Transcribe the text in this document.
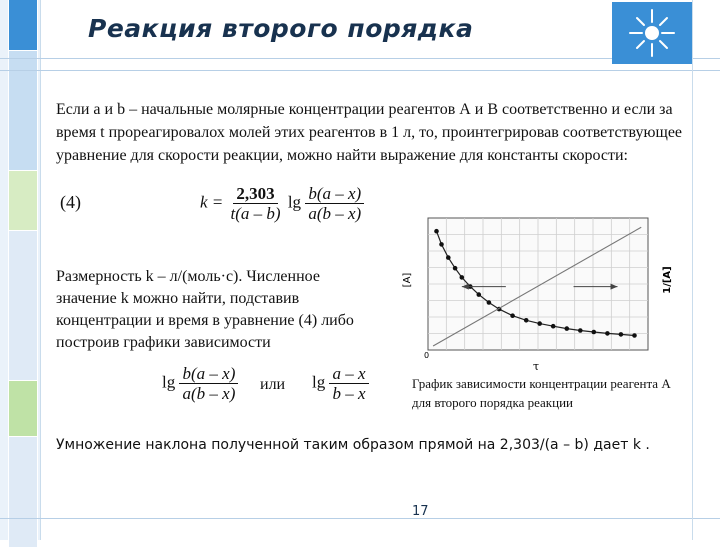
Реакция второго порядка
Если a и b – начальные молярные концентрации реагентов А и В соответственно и если за время t прореагировалох молей этих реагентов в 1 л, то, проинтегрировав соответствующее уравнение для скорости реакции, можно найти выражение для константы скорости:
(4)	$k = \frac{2,303}{t(a - b)}$ $\lg \frac{b(a - x)}{a(b - x)}$
Размерность k – л/(моль·с). Численное значение k можно найти, подставив концентрации и время в уравнение (4) либо построив графики зависимости
$\lg \frac{b(a - x)}{a(b - x)}$ или $\lg \frac{a - x}{b - x}$
[A]	1/[A]
τ
0
График зависимости концентрации реагента А для второго порядка реакции
Умножение наклона полученной таким образом прямой на 2,303/(a – b) дает k .
17
